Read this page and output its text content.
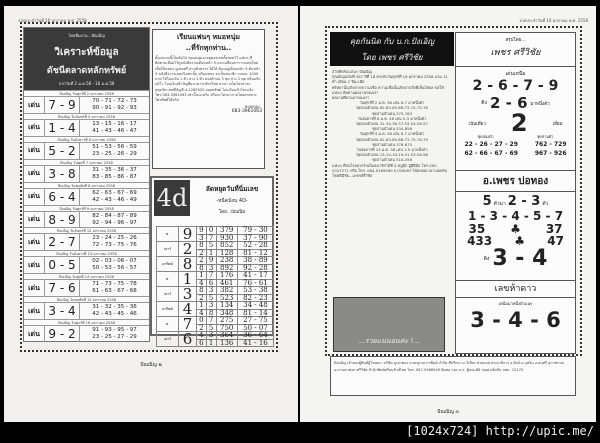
งวดประจำวันที่ 16 มกราคม พ.ศ. 2558
โดยทีมงาน...ปัณณิญ
วิเคราะห์ข้อมูล
ดัชนีตลาดหลักทรัพย์
จากวันที่ 2 ม.ค.58 - 16 ม.ค.58
ปัณณิญ วันศุกร์ที่ 2 มกราคม 2558
เด่น 7 - 9	70 - 71 - 72 - 73
90 - 91 - 92 - 93
ปัณณิญ วันจันทร์ที่ 5 มกราคม 2558
เด่น 1 - 4	13 - 15 - 16 - 17
41 - 43 - 46 - 47
ปัณณิญ วันอังคารที่ 6 มกราคม 2558
เด่น 5 - 2	51 - 53 - 56 - 59
23 - 25 - 26 - 29
ปัณณิญ วันพุธที่ 7 มกราคม 2558
เด่น 3 - 8	31 - 35 - 36 - 37
83 - 85 - 86 - 87
ปัณณิญ วันพฤหัสที่ 8 มกราคม 2558
เด่น 6 - 4	62 - 63 - 67 - 69
42 - 43 - 46 - 49
ปัณณิญ วันศุกร์ที่ 9 มกราคม 2558
เด่น 8 - 9	82 - 84 - 87 - 89
92 - 94 - 96 - 97
ปัณณิญ วันจันทร์ที่ 12 มกราคม 2558
เด่น 2 - 7	23 - 24 - 25 - 26
72 - 73 - 75 - 76
ปัณณิญ วันอังคารที่ 13 มกราคม 2558
เด่น 0 - 5	02 - 03 - 06 - 07
50 - 53 - 56 - 57
ปัณณิญ วันพุธที่ 14 มกราคม 2558
เด่น 7 - 6	71 - 73 - 75 - 78
61 - 63 - 67 - 68
ปัณณิญ วันพฤหัสที่ 15 มกราคม 2558
เด่น 3 - 4	31 - 32 - 35 - 36
42 - 43 - 45 - 46
ปัณณิญ วันศุกร์ที่ 16 มกราคม 2558
เด่น 9 - 2	91 - 93 - 95 - 97
23 - 25 - 27 - 29
เรียนแฟนๆ หมอหนุ่ม
..ที่รักทุกท่าน..
ตั้งแต่งวดนี้เป็นต้นไป หมอหนุ่มจะหยุดลงเลขทั้งหมดไว้ แฟนๆ ที่ติดตามเลือดไว้ดูหนังสือรายเดือนหน้า 9 และเปลี่ยนการวางเลขใหม่ เพื่อให้แฟนๆ ดูเลขฟรี สามตัวตรงๆ ได้ได้ ต้องอยู่เดือนหน้า 9 ต้นหน้า 3 หนังสือวางเลขจริงเท่านั้น หรือแฟนๆ จะเป็นสมาชิก งวดละ 1000 บาท ให้โอนเงิน 1 ตัว ล่าง 1 ตัว สองตัวบน 3 ชุด ล่าง 2 ชุด พร้อมกับ อนิโว โอนเงินเข้าบัญชีธนาคารกสิกรไทย สาขา แม็คโครสาขาสุขุมวิท เลขที่บัญชี 4-2282920 ออมทรัพย์ โอนเงินแล้วโทรแจ้ง โทร.083-3961063 เท่านั้นนะครับ หรือจะโทรมาถามโดยตรงทางโทรศัพท์ได้ครับ
หมอหนุ่ม..
083-3961063
4d	ลัดหยุดวันที่นิ่มเลข
-หนีคนังน 4D-
โดย...ปัณณิม
พ.	9	9	0	379	79 - 30
		3	7	930	37 - 90
เสาร์	2	8	5	852	52 - 28
		2	1	128	81 - 12
อาทิตย์	8	2	9	238	38 - 89
		8	3	892	92 - 28
พ.	1	1	7	176	41 - 17
		4	6	461	76 - 61
เสาร์	3	8	3	382	53 - 38
		2	5	523	82 - 23
อาทิตย์	4	1	3	134	34 - 48
		4	8	348	81 - 14
พ.	7	0	7	275	27 - 75
		2	5	750	50 - 07
เสาร์	6	4	3	364	36 - 64
		6	1	136	41 - 16
ปัณณิญ ๒
งวดประจำวันที่ 16 มกราคม พ.ศ. 2558
คุยกันนิด กับ บ.ก.ปังเอิญ
โดย เพชร ศรีวิชัย
สวัสดีครับแฟนๆ ปัณณิญ
ปัณณิญฉบับที่ 367 ปีที่ 18 ตรงกับวันศุกร์ที่ 16 มกราคม 2558 แรม 11 ค่ำ เดือน 2 ปีมะเมีย
ศรัทธานั้นเกิดจากความเชื่อ ความเชื่อนั้นเกิดจากสิ่งที่เห็นได้ผล ขอให้แฟนๆ ติดตามผลงานของเรา
ผลงานที่ผ่านมาของเรา
วันศุกร์ที่ 2 ม.ค. 58 เด่น 6-7 มาหนึ่งตัว
ชุดสองตัวเด่น 62-63-65-68-73-74-75-76
ชุดสามตัวเด่น 275-763
วันอังคารที่ 6 ม.ค. 58 เด่น 5-3 มาหนึ่งตัว
ชุดสองตัวเด่น 31-34-36-37-53-54-56-57
ชุดสามตัวเด่น 534-856
วันศุกร์ที่ 9 ม.ค. 58 เด่น 6-7 มาหนึ่งตัว
ชุดสองตัวเด่น 62-63-65-68-73-75-76-79
ชุดสามตัวเด่น 376-675
วันอังคารที่ 13 ม.ค. 58 เด่น 1-5 มาหนึ่งตัว
ชุดสองตัวเด่น 13-14-16-19-51-53-56-58
ชุดสามตัวเด่น 516-356
แฟนๆ ที่สนใจอยากรับเป็นสมาชิกได้ที่ อ.หนูปุ๊ก ผู้มีฝีมือ โทร.092-2027271 หรือ โทร. 084-0169569 อ.เก่งเพชร ได้ตลอดเวลาเลยครับ
โชคดีมีชัย...เพชรศรีวิชัย
...รวยแน่นอนค่ะ !...
สรุปโดย...
เพชร ศรีวิชัย
เด่นเหนือ
2 - 6 - 7 - 9
ติง 2 - 6 มาหนึ่งตัว
เน้นเดี่ยว 2	เยี่ยม
ชุดสองตัว	ชุดสามตัว
22 - 26 - 27 - 29	762 - 729
62 - 66 - 67 - 69	967 - 926
อ.เพชร บ่อทอง
5 ตัวมา 2 - 3 ตัว
1 - 3 - 4 - 5 - 7
35 ♣ 37
433 ♣ 47
ติง 3 - 4
เลขห้าดาว
เหนือมาหนึ่งตัวแน่ๆ
3 - 4 - 6
ปัณณิญ เจ้าของผู้พิมพ์ผู้โฆษณา บริษัท ภูเขาทอง มาตรฐานการพิมพ์ จำกัด ที่ปรึกษา อ.วิเชียร ฝ่ายกองบรรณาธิการ อ.สิงห์ อ.นุชจิน อ.สมศรี สุภาพรรณ อ.มานพ เพชร ศรีวิชัย สำนักพิมพ์ศรีอนุรักษ์ไทย โทร. 087-0566540 ติดต่อ กอง บ.ก. ตู้ปณ.88 ปณฝ.ตลิ่งชัน กทม. 10170
ปัณณิญ ๓
[1024x724] http://upic.me/
